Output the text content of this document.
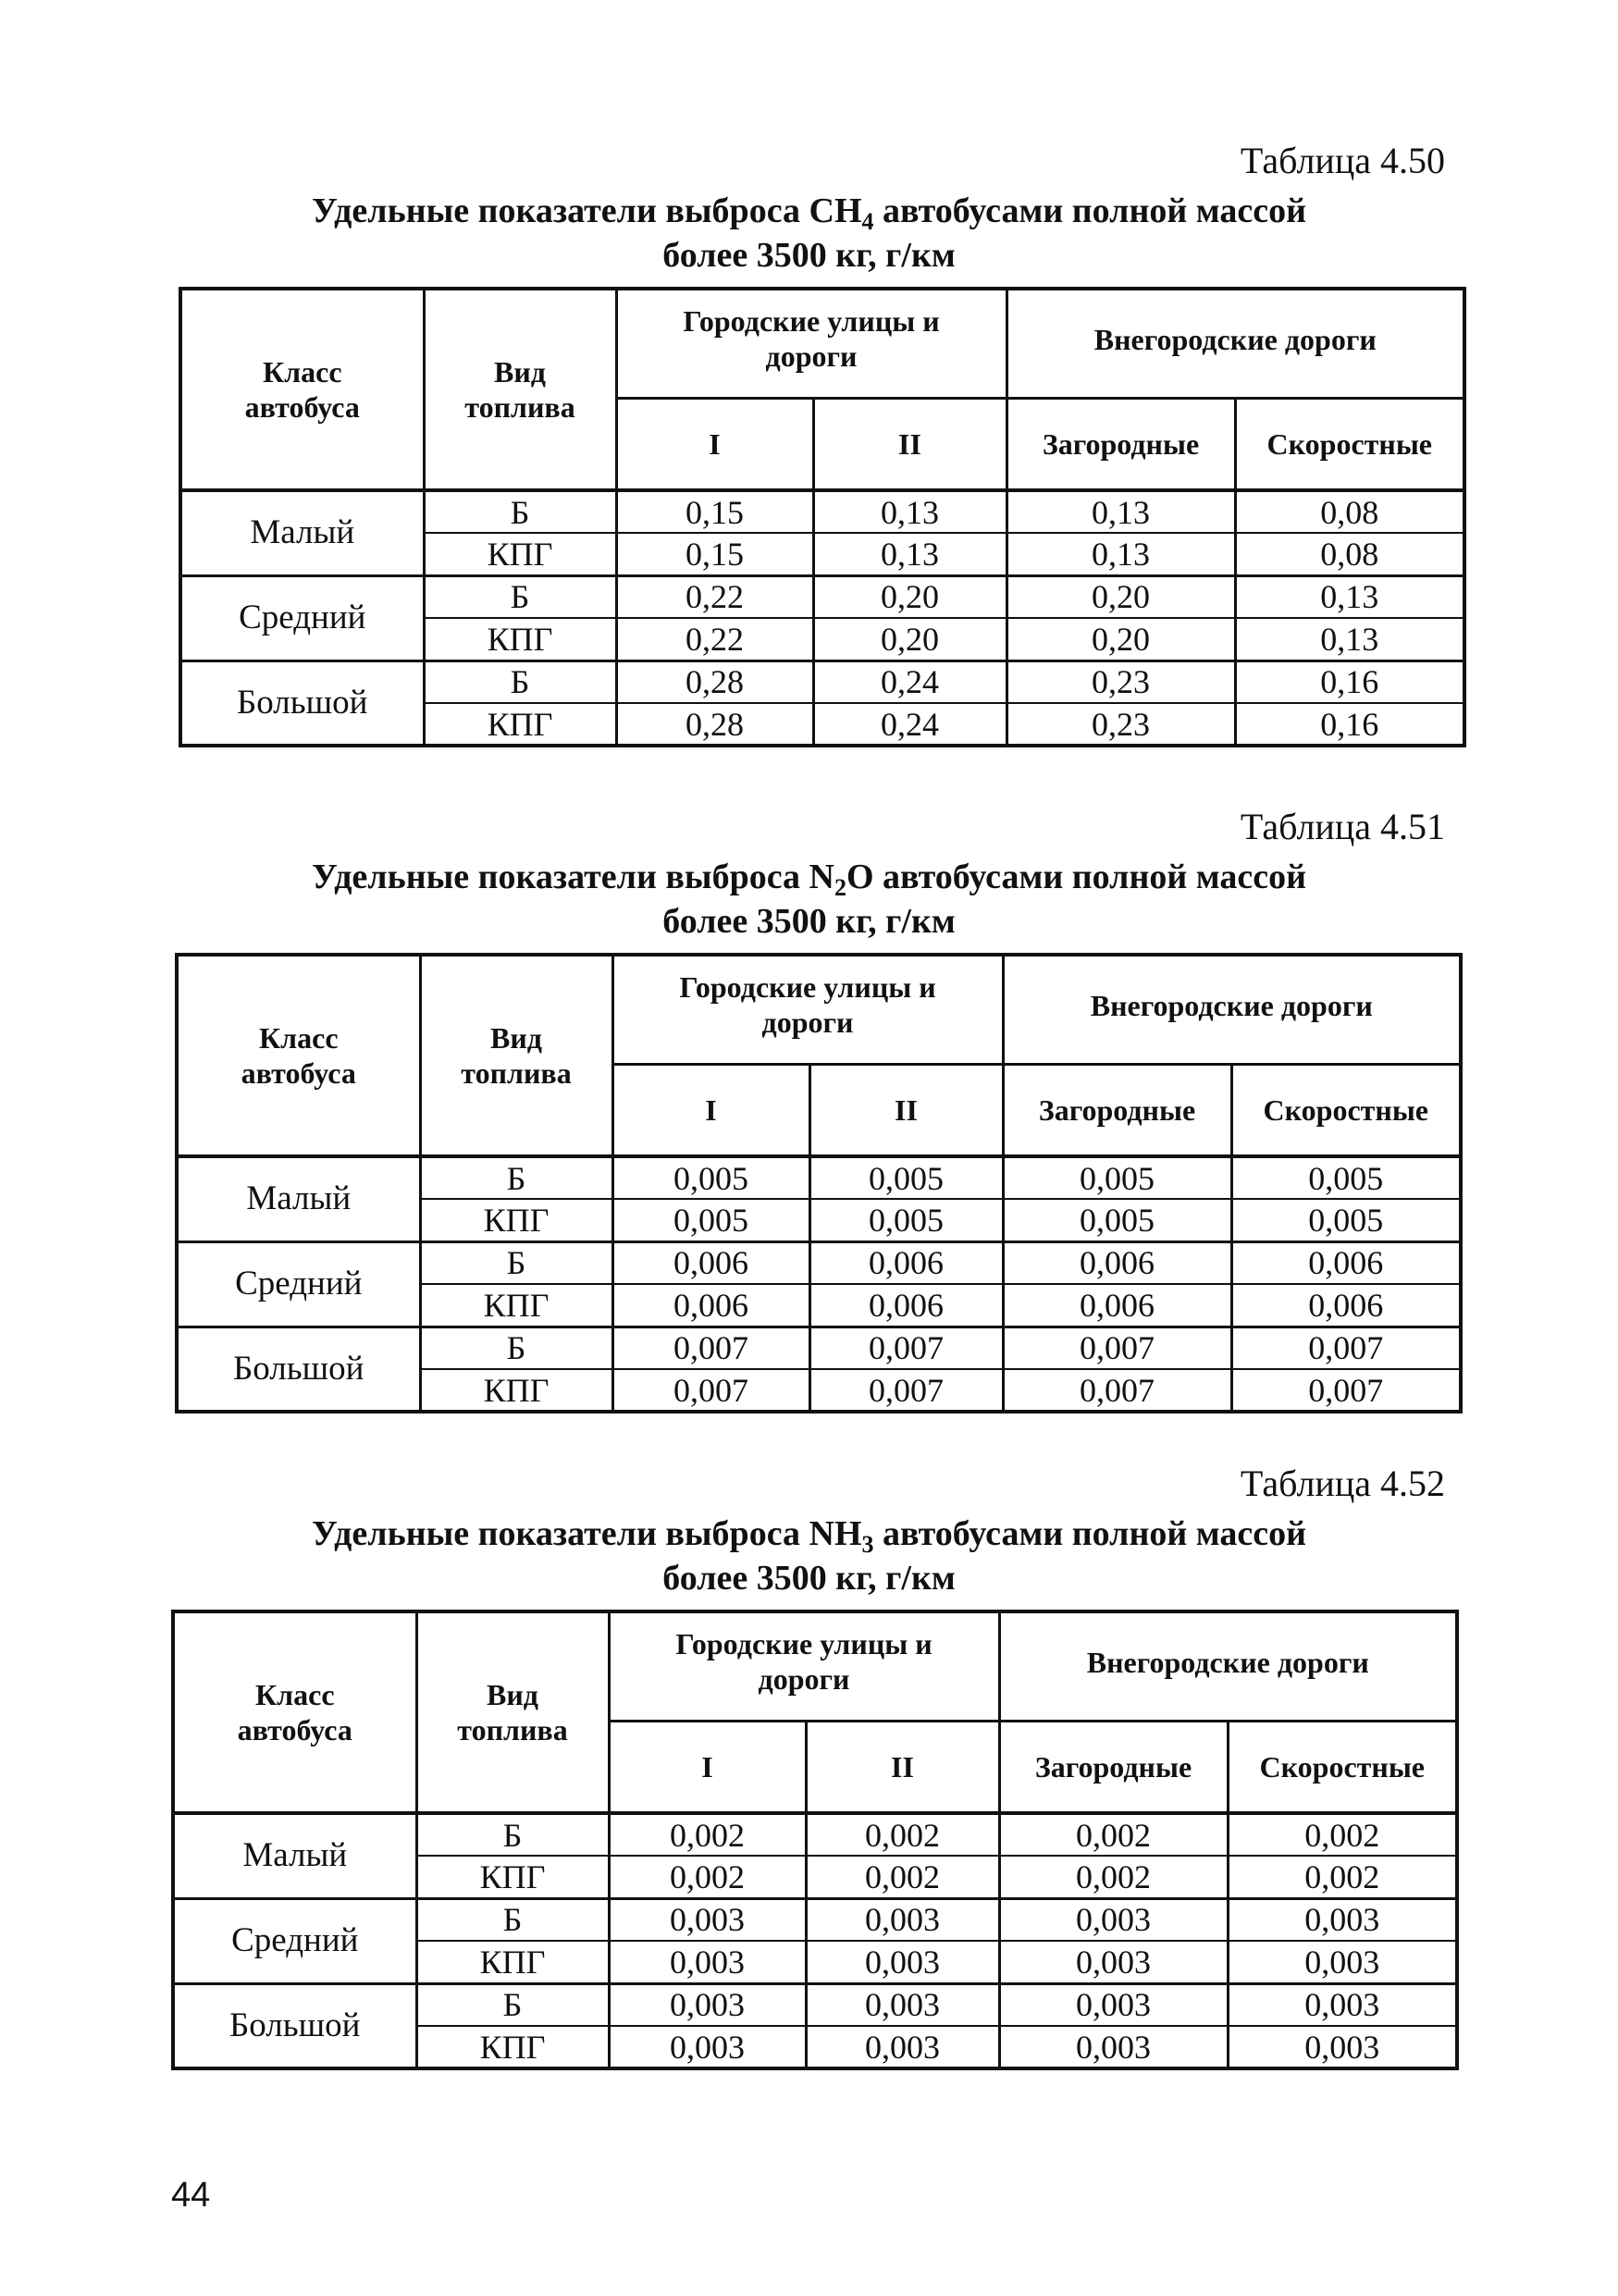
Таблица 4.50
Удельные показатели выброса $CH_4$ автобусами полной массой
более 3500 кг, г/км
Класс автобуса	Вид топлива	Городские улицы и дороги		Внегородские дороги	
		I	II	Загородные	Скоростные
Малый	Б	0,15	0,13	0,13	0,08
	КПГ	0,15	0,13	0,13	0,08
Средний	Б	0,22	0,20	0,20	0,13
	КПГ	0,22	0,20	0,20	0,13
Большой	Б	0,28	0,24	0,23	0,16
	КПГ	0,28	0,24	0,23	0,16
Таблица 4.51
Удельные показатели выброса $N_2O$ автобусами полной массой
более 3500 кг, г/км
Класс автобуса	Вид топлива	Городские улицы и дороги		Внегородские дороги	
		I	II	Загородные	Скоростные
Малый	Б	0,005	0,005	0,005	0,005
	КПГ	0,005	0,005	0,005	0,005
Средний	Б	0,006	0,006	0,006	0,006
	КПГ	0,006	0,006	0,006	0,006
Большой	Б	0,007	0,007	0,007	0,007
	КПГ	0,007	0,007	0,007	0,007
Таблица 4.52
Удельные показатели выброса $NH_3$ автобусами полной массой
более 3500 кг, г/км
Класс автобуса	Вид топлива	Городские улицы и дороги		Внегородские дороги	
		I	II	Загородные	Скоростные
Малый	Б	0,002	0,002	0,002	0,002
	КПГ	0,002	0,002	0,002	0,002
Средний	Б	0,003	0,003	0,003	0,003
	КПГ	0,003	0,003	0,003	0,003
Большой	Б	0,003	0,003	0,003	0,003
	КПГ	0,003	0,003	0,003	0,003
44
